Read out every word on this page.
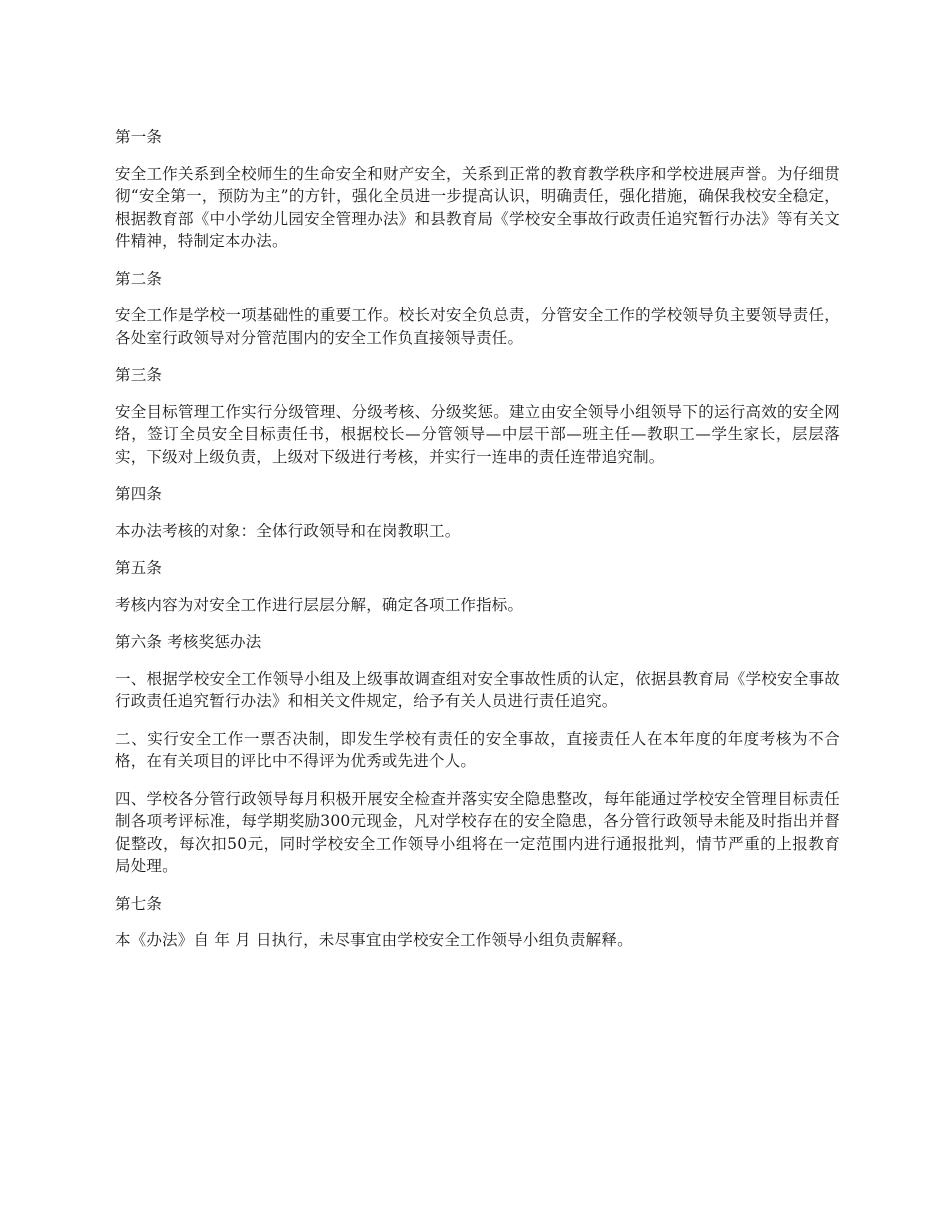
第一条

安全工作关系到全校师生的生命安全和财产安全，关系到正常的教育教学秩序和学校进展声誉。为仔细贯彻“安全第一，预防为主”的方针，强化全员进一步提高认识，明确责任，强化措施，确保我校安全稳定，根据教育部《中小学幼儿园安全管理办法》和县教育局《学校安全事故行政责任追究暂行办法》等有关文件精神，特制定本办法。

第二条

安全工作是学校一项基础性的重要工作。校长对安全负总责，分管安全工作的学校领导负主要领导责任，各处室行政领导对分管范围内的安全工作负直接领导责任。

第三条

安全目标管理工作实行分级管理、分级考核、分级奖惩。建立由安全领导小组领导下的运行高效的安全网络，签订全员安全目标责任书，根据校长—分管领导—中层干部—班主任—教职工—学生家长，层层落实，下级对上级负责，上级对下级进行考核，并实行一连串的责任连带追究制。

第四条

本办法考核的对象：全体行政领导和在岗教职工。

第五条

考核内容为对安全工作进行层层分解，确定各项工作指标。

第六条 考核奖惩办法

一、根据学校安全工作领导小组及上级事故调查组对安全事故性质的认定，依据县教育局《学校安全事故行政责任追究暂行办法》和相关文件规定，给予有关人员进行责任追究。

二、实行安全工作一票否决制，即发生学校有责任的安全事故，直接责任人在本年度的年度考核为不合格，在有关项目的评比中不得评为优秀或先进个人。

四、学校各分管行政领导每月积极开展安全检查并落实安全隐患整改，每年能通过学校安全管理目标责任制各项考评标准，每学期奖励300元现金，凡对学校存在的安全隐患，各分管行政领导未能及时指出并督促整改，每次扣50元，同时学校安全工作领导小组将在一定范围内进行通报批判，情节严重的上报教育局处理。

第七条

本《办法》自 年 月 日执行，未尽事宜由学校安全工作领导小组负责解释。
